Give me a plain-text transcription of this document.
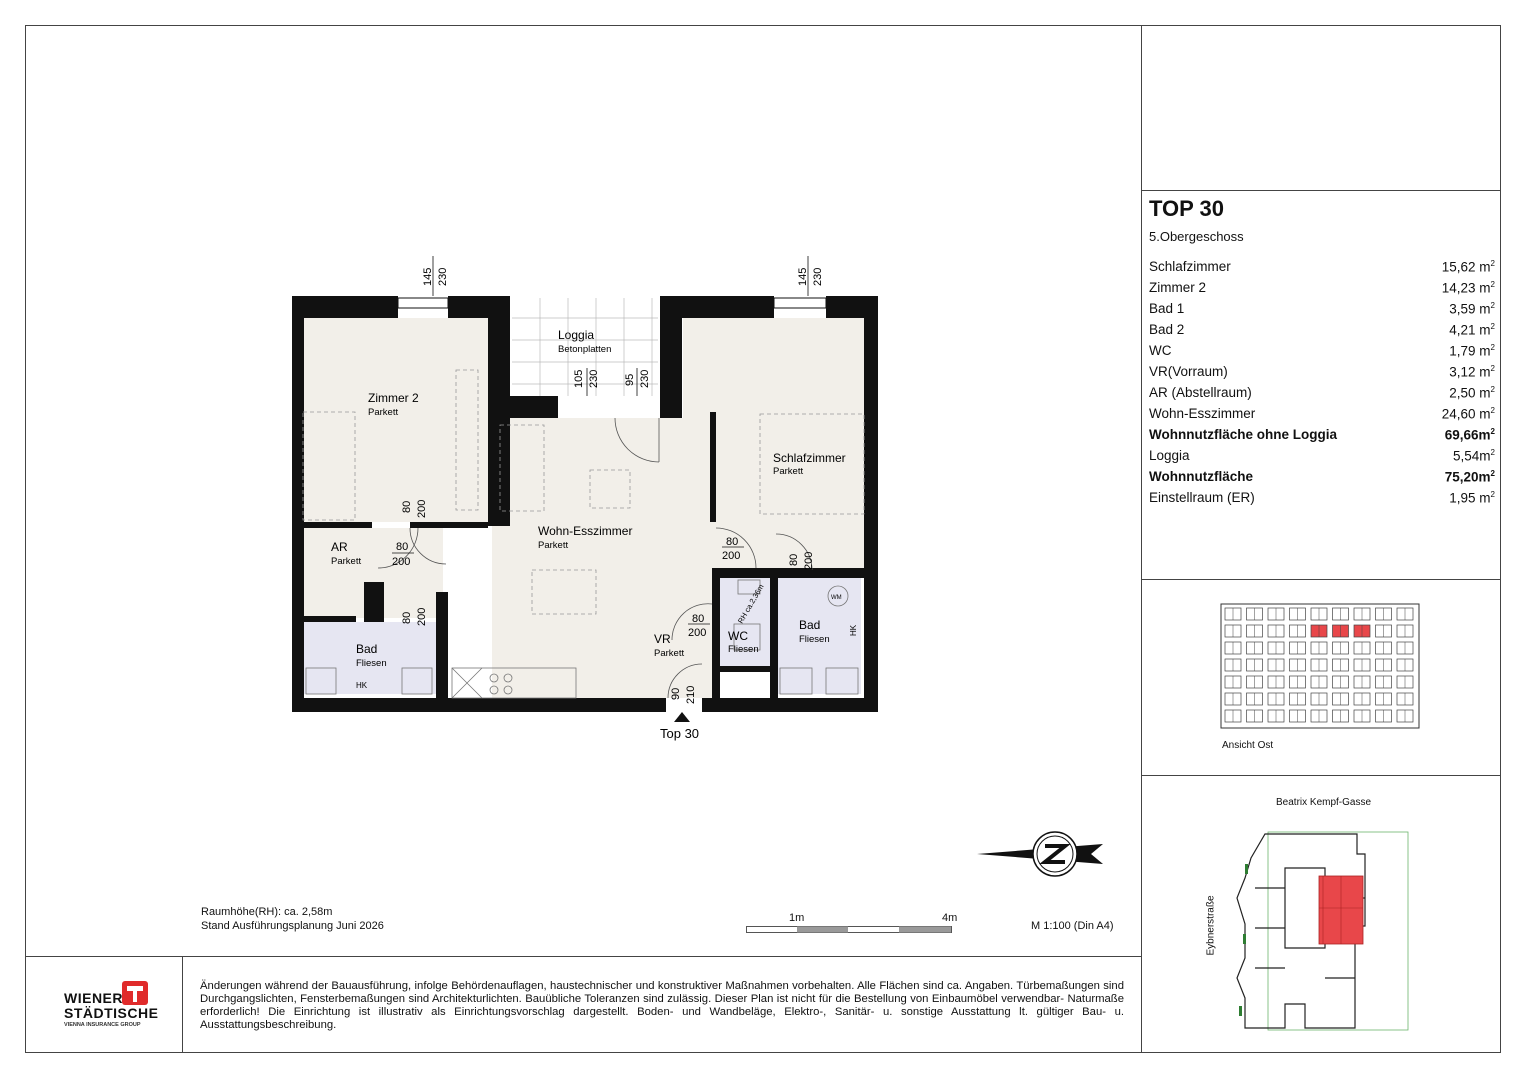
TOP 30
5.Obergeschoss
Schlafzimmer	15,62 $m^2$
Zimmer 2	14,23 $m^2$
Bad 1	3,59 $m^2$
Bad 2	4,21 $m^2$
WC	1,79 $m^2$
VR(Vorraum)	3,12 $m^2$
AR (Abstellraum)	2,50 $m^2$
Wohn-Esszimmer	24,60 $m^2$
Wohnnutzfläche ohne Loggia	$69,66m^2$
Loggia	$5,54m^2$
Wohnnutzfläche	$75,20m^2$
Einstellraum (ER)	1,95 $m^2$
Zimmer 2
Parkett
Loggia
Betonplatten
Schlafzimmer
Parkett
Wohn-Esszimmer
Parkett
AR
Parkett
Bad
Fliesen
VR
Parkett
WC
Fliesen
Bad
Fliesen
HK
HK
WM
RH ca.2,36m
Top 30
145 230	145 230
105 230 95 230
80 200
80
200
80 200
80
200	80 200
80
200
90 210
Raumhöhe(RH): ca. 2,58m
Stand Ausführungsplanung Juni 2026	M 1:100 (Din A4)
1m	4m
Ansicht Ost
Beatrix Kempf-Gasse
Eybnerstraße
WIENER
STÄDTISCHE
VIENNA INSURANCE GROUP
Änderungen während der Bauausführung, infolge Behördenauflagen, haustechnischer und konstruktiver Maßnahmen vorbehalten. Alle Flächen sind ca. Angaben. Türbemaßungen sind Durchgangslichten, Fensterbemaßungen sind Architekturlichten. Bauübliche Toleranzen sind zulässig. Dieser Plan ist nicht für die Bestellung von Einbaumöbel verwendbar- Naturmaße erforderlich! Die Einrichtung ist illustrativ als Einrichtungsvorschlag dargestellt. Boden- und Wandbeläge, Elektro-, Sanitär- u. sonstige Ausstattung lt. gültiger Bau- u. Ausstattungsbeschreibung.
